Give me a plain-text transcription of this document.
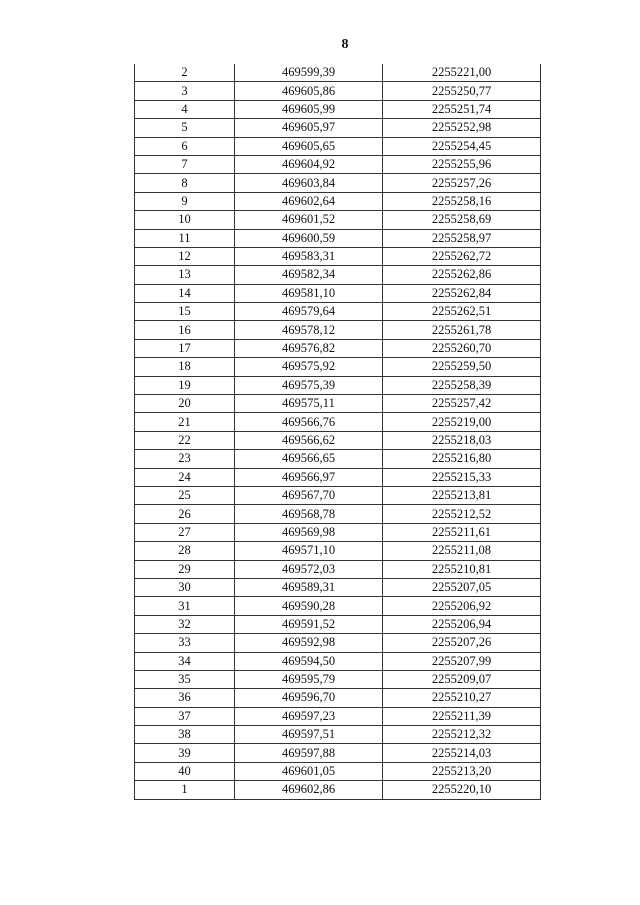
8
2	469599,39	2255221,00
3	469605,86	2255250,77
4	469605,99	2255251,74
5	469605,97	2255252,98
6	469605,65	2255254,45
7	469604,92	2255255,96
8	469603,84	2255257,26
9	469602,64	2255258,16
10	469601,52	2255258,69
11	469600,59	2255258,97
12	469583,31	2255262,72
13	469582,34	2255262,86
14	469581,10	2255262,84
15	469579,64	2255262,51
16	469578,12	2255261,78
17	469576,82	2255260,70
18	469575,92	2255259,50
19	469575,39	2255258,39
20	469575,11	2255257,42
21	469566,76	2255219,00
22	469566,62	2255218,03
23	469566,65	2255216,80
24	469566,97	2255215,33
25	469567,70	2255213,81
26	469568,78	2255212,52
27	469569,98	2255211,61
28	469571,10	2255211,08
29	469572,03	2255210,81
30	469589,31	2255207,05
31	469590,28	2255206,92
32	469591,52	2255206,94
33	469592,98	2255207,26
34	469594,50	2255207,99
35	469595,79	2255209,07
36	469596,70	2255210,27
37	469597,23	2255211,39
38	469597,51	2255212,32
39	469597,88	2255214,03
40	469601,05	2255213,20
1	469602,86	2255220,10
